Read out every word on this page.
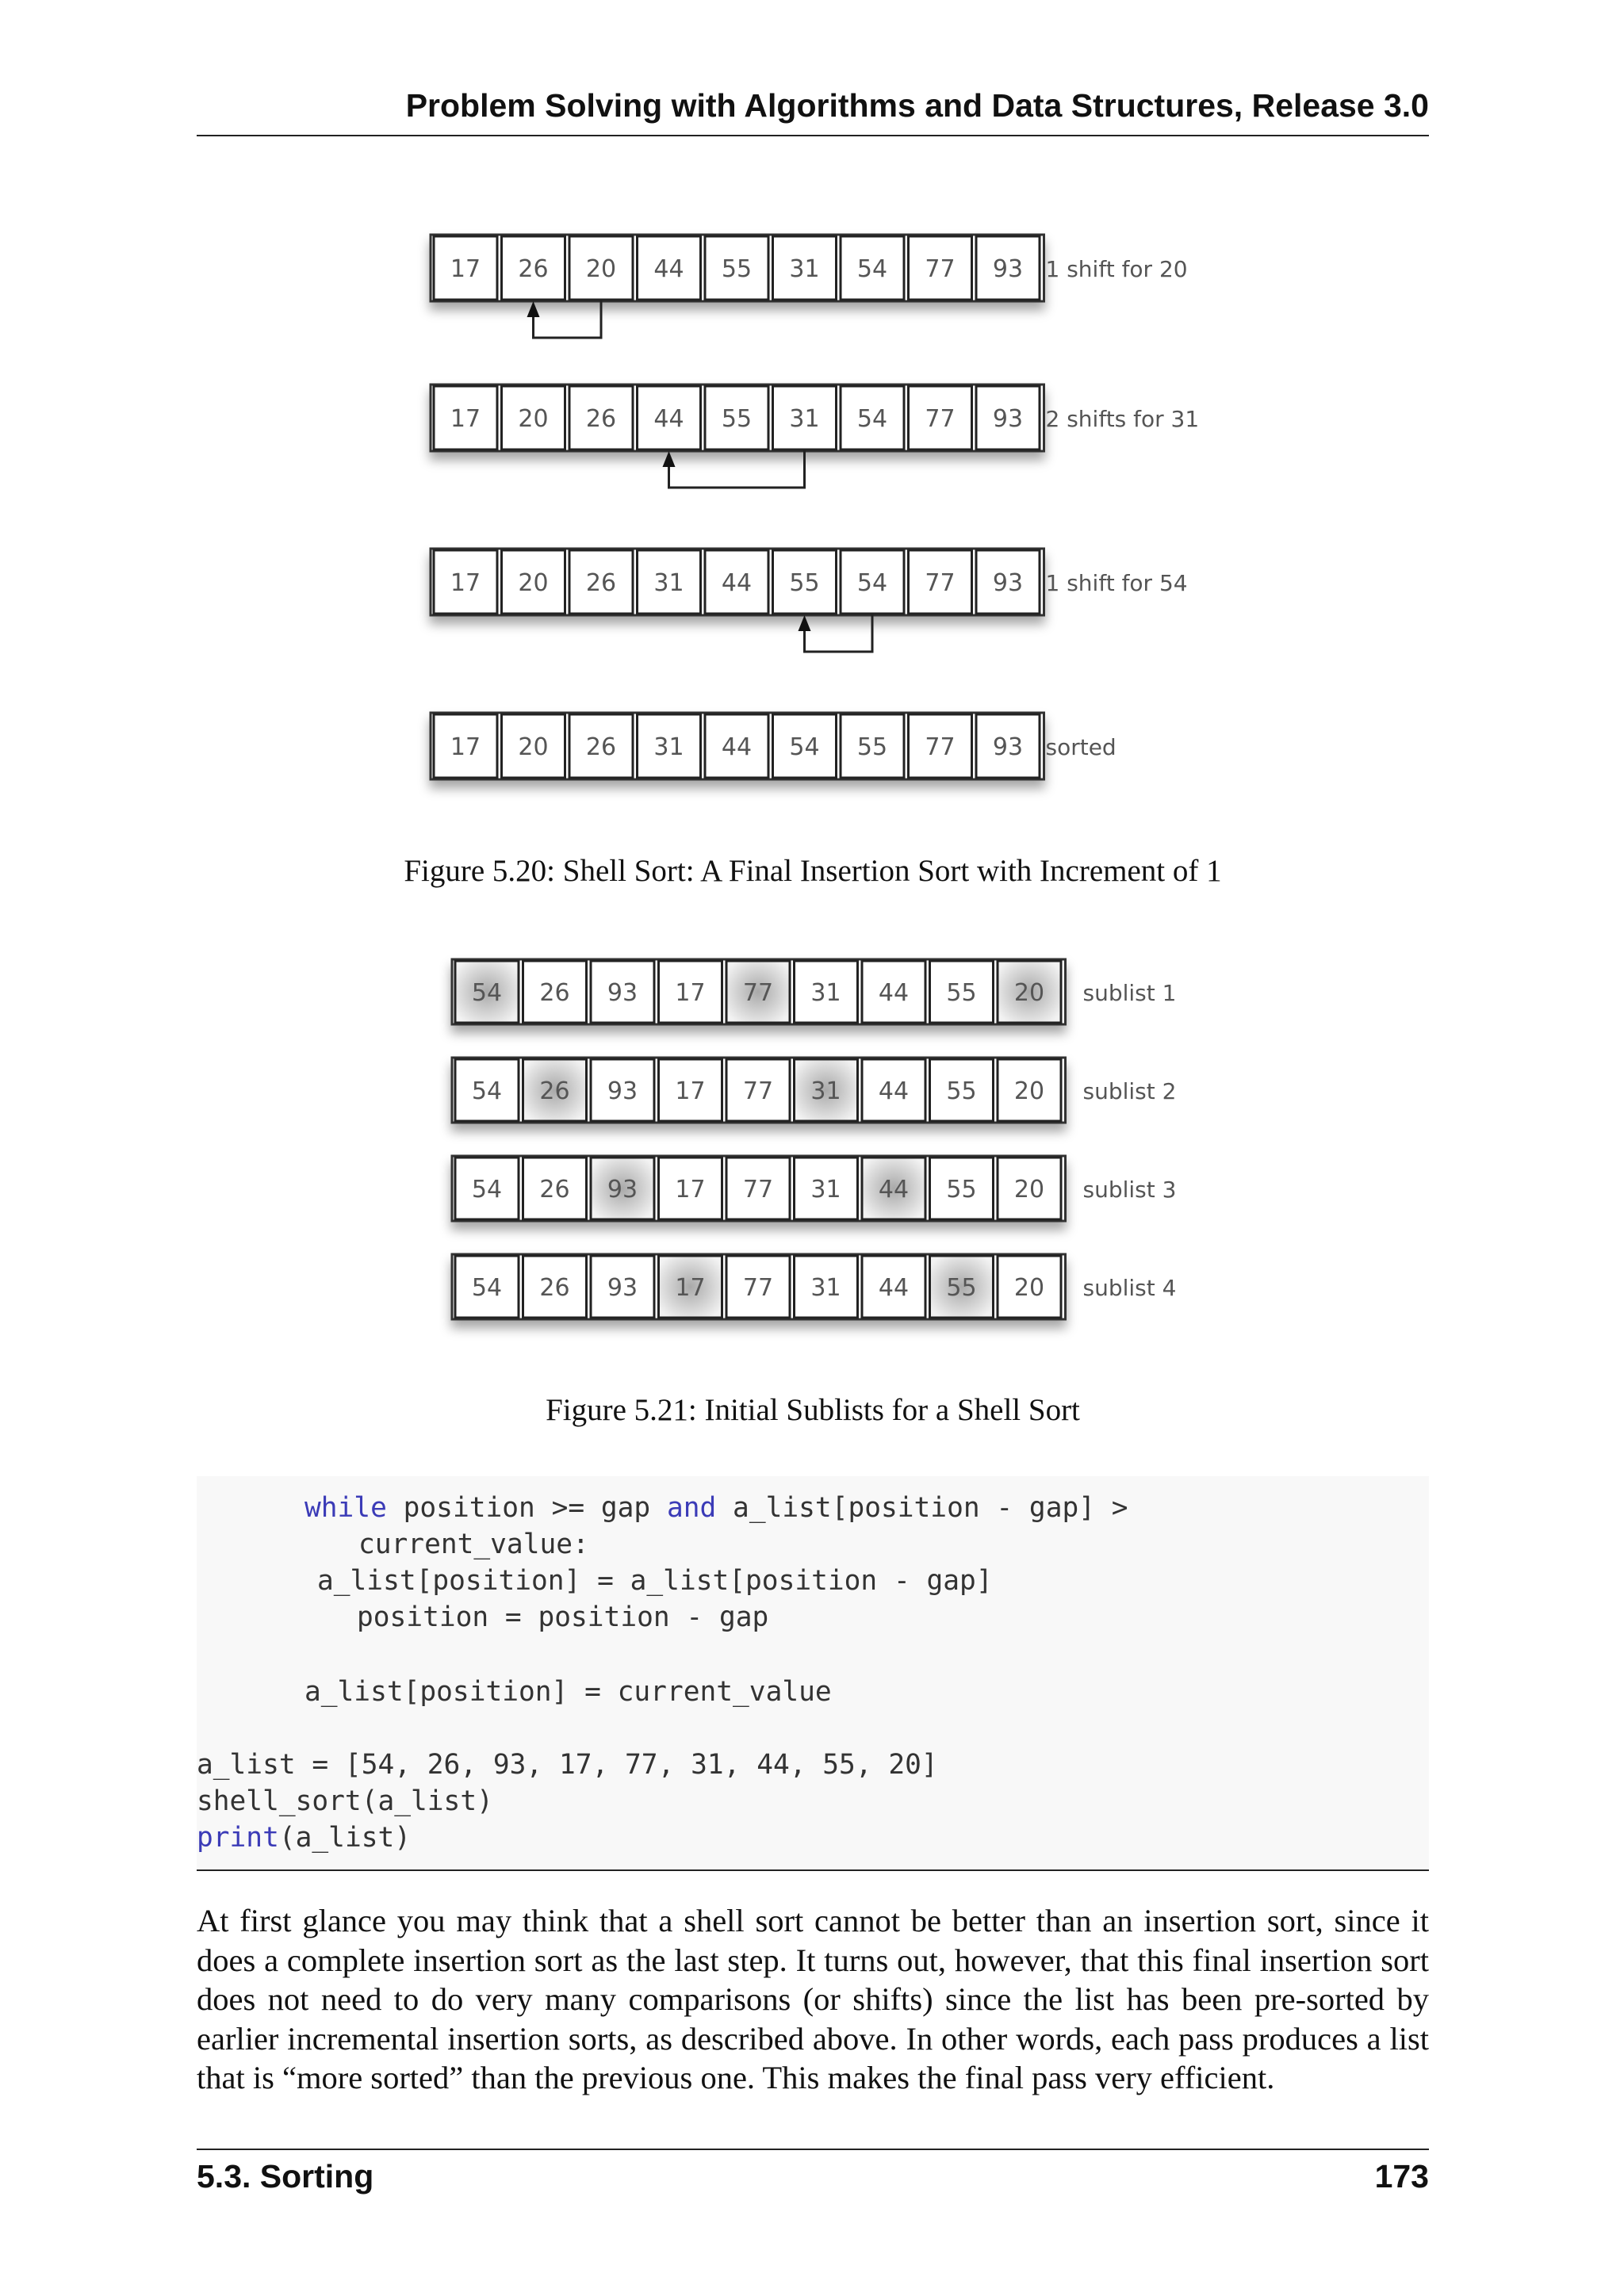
Problem Solving with Algorithms and Data Structures, Release 3.0
17 26 20 44 55 31 54 77 93 1 shift for 20
17 20 26 44 55 31 54 77 93 2 shifts for 31
17 20 26 31 44 55 54 77 93 1 shift for 54
17 20 26 31 44 54 55 77 93 sorted
Figure 5.20: Shell Sort: A Final Insertion Sort with Increment of 1
54 26 93 17 77 31 44 55 20 sublist 1
54 26 93 17 77 31 44 55 20 sublist 2
54 26 93 17 77 31 44 55 20 sublist 3
54 26 93 17 77 31 44 55 20 sublist 4
Figure 5.21: Initial Sublists for a Shell Sort
while position >= gap and a_list[position - gap] >
current_value:
a_list[position] = a_list[position - gap]
position = position - gap
a_list[position] = current_value
a_list = [54, 26, 93, 17, 77, 31, 44, 55, 20]
shell_sort(a_list)
print(a_list)
At first glance you may think that a shell sort cannot be better than an insertion sort, since it does a complete insertion sort as the last step. It turns out, however, that this final insertion sort does not need to do very many comparisons (or shifts) since the list has been pre-sorted by earlier incremental insertion sorts, as described above. In other words, each pass produces a list that is “more sorted” than the previous one. This makes the final pass very efficient.
5.3. Sorting	173
